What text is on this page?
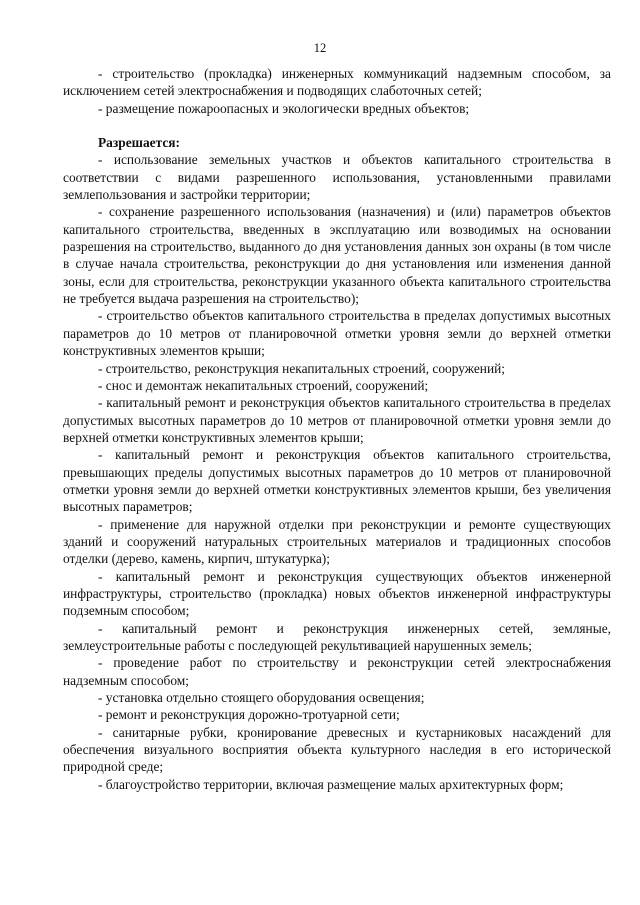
12

- строительство (прокладка) инженерных коммуникаций надземным способом, за исключением сетей электроснабжения и подводящих слаботочных сетей;

- размещение пожароопасных и экологически вредных объектов;

Разрешается:

- использование земельных участков и объектов капитального строительства в соответствии с видами разрешенного использования, установленными правилами землепользования и застройки территории;

- сохранение разрешенного использования (назначения) и (или) параметров объектов капитального строительства, введенных в эксплуатацию или возводимых на основании разрешения на строительство, выданного до дня установления данных зон охраны (в том числе в случае начала строительства, реконструкции до дня установления или изменения данной зоны, если для строительства, реконструкции указанного объекта капитального строительства не требуется выдача разрешения на строительство);

- строительство объектов капитального строительства в пределах допустимых высотных параметров до 10 метров от планировочной отметки уровня земли до верхней отметки конструктивных элементов крыши;

- строительство, реконструкция некапитальных строений, сооружений;

- снос и демонтаж некапитальных строений, сооружений;

- капитальный ремонт и реконструкция объектов капитального строительства в пределах допустимых высотных параметров до 10 метров от планировочной отметки уровня земли до верхней отметки конструктивных элементов крыши;

- капитальный ремонт и реконструкция объектов капитального строительства, превышающих пределы допустимых высотных параметров до 10 метров от планировочной отметки уровня земли до верхней отметки конструктивных элементов крыши, без увеличения высотных параметров;

- применение для наружной отделки при реконструкции и ремонте существующих зданий и сооружений натуральных строительных материалов и традиционных способов отделки (дерево, камень, кирпич, штукатурка);

- капитальный ремонт и реконструкция существующих объектов инженерной инфраструктуры, строительство (прокладка) новых объектов инженерной инфраструктуры подземным способом;

- капитальный ремонт и реконструкция инженерных сетей, земляные, землеустроительные работы с последующей рекультивацией нарушенных земель;

- проведение работ по строительству и реконструкции сетей электроснабжения надземным способом;

- установка отдельно стоящего оборудования освещения;

- ремонт и реконструкция дорожно-тротуарной сети;

- санитарные рубки, кронирование древесных и кустарниковых насаждений для обеспечения визуального восприятия объекта культурного наследия в его исторической природной среде;

- благоустройство территории, включая размещение малых архитектурных форм;
